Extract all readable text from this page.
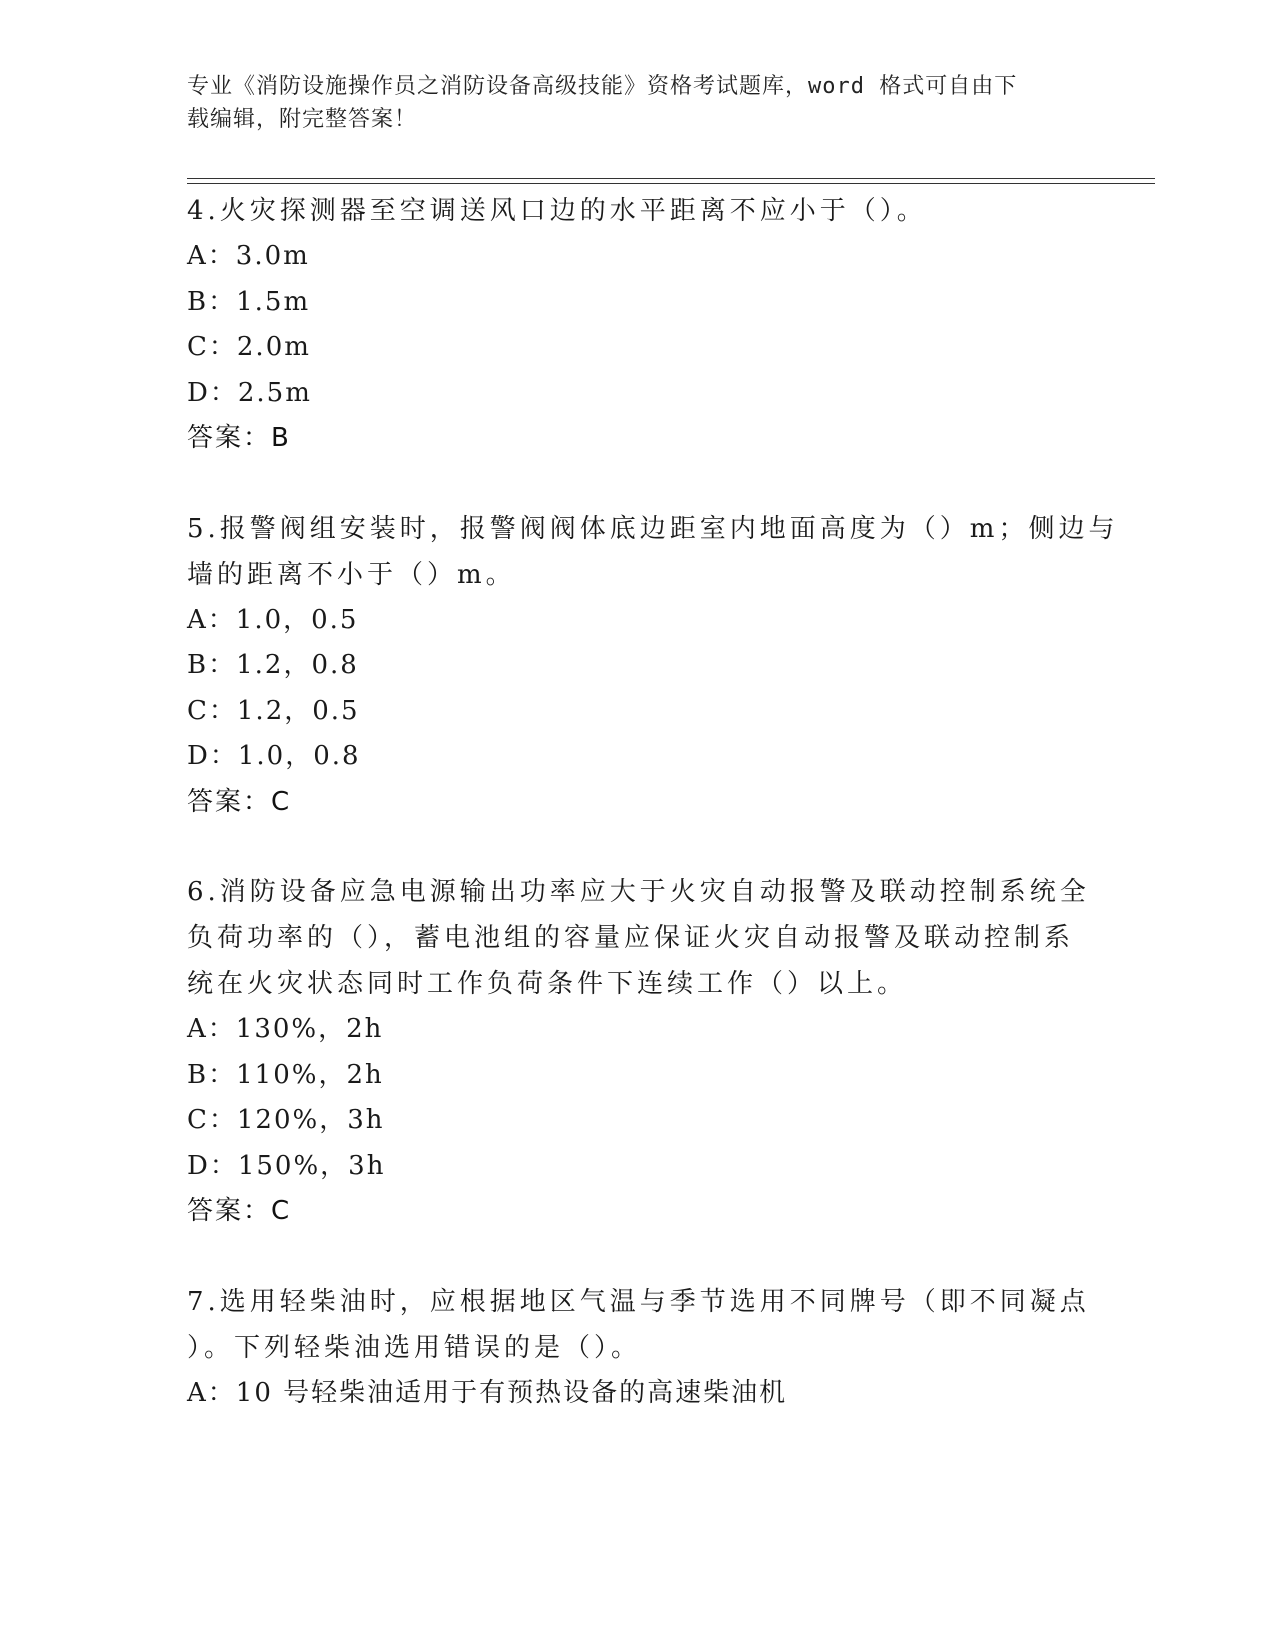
专业《消防设施操作员之消防设备高级技能》资格考试题库，word 格式可自由下
载编辑，附完整答案！
4.火灾探测器至空调送风口边的水平距离不应小于（）。
A：3.0m
B：1.5m
C：2.0m
D：2.5m
答案：B
5.报警阀组安装时，报警阀阀体底边距室内地面高度为（）m；侧边与
墙的距离不小于（）m。
A：1.0，0.5
B：1.2，0.8
C：1.2，0.5
D：1.0，0.8
答案：C
6.消防设备应急电源输出功率应大于火灾自动报警及联动控制系统全
负荷功率的（），蓄电池组的容量应保证火灾自动报警及联动控制系
统在火灾状态同时工作负荷条件下连续工作（）以上。
A：130%，2h
B：110%，2h
C：120%，3h
D：150%，3h
答案：C
7.选用轻柴油时，应根据地区气温与季节选用不同牌号（即不同凝点
）。下列轻柴油选用错误的是（）。
A：10 号轻柴油适用于有预热设备的高速柴油机
